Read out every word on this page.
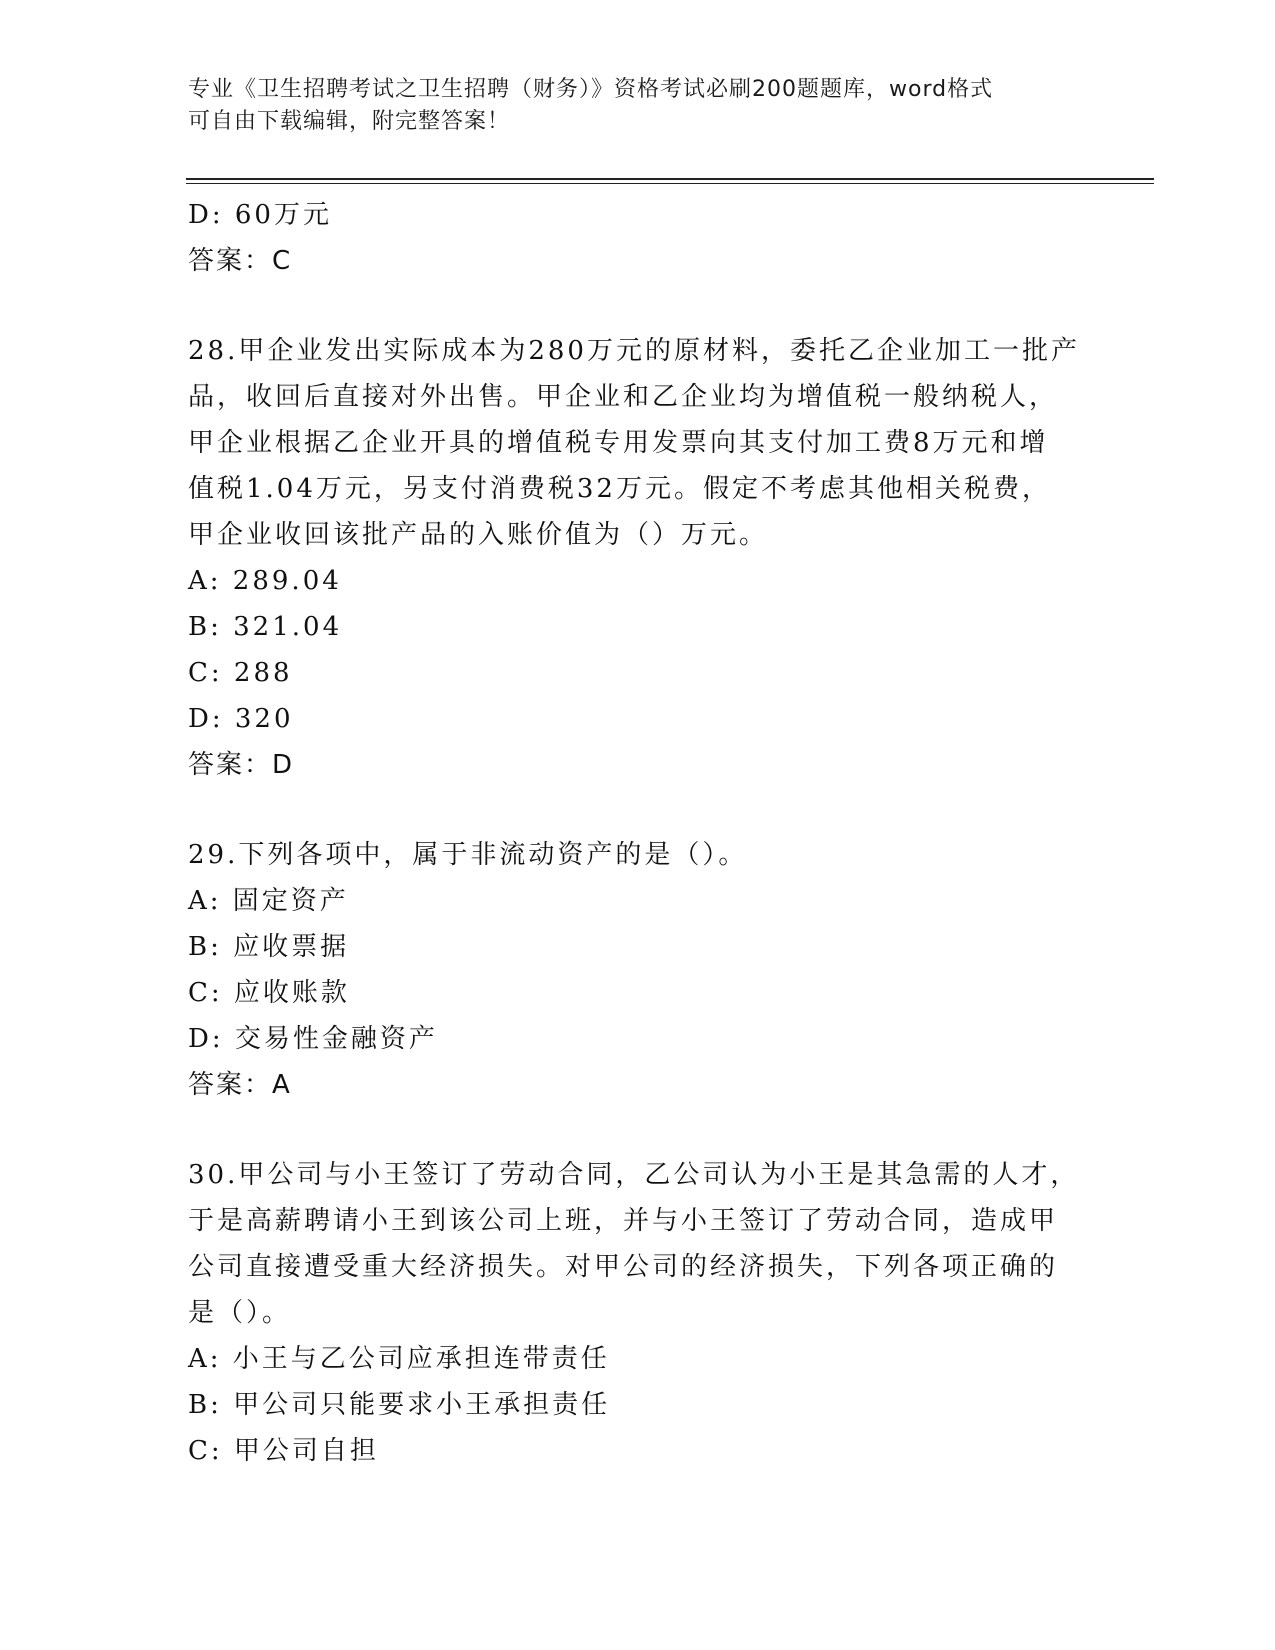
专业《卫生招聘考试之卫生招聘（财务）》资格考试必刷200题题库，word格式
可自由下载编辑，附完整答案！
D: 60万元
答案：C
28.甲企业发出实际成本为280万元的原材料，委托乙企业加工一批产
品，收回后直接对外出售。甲企业和乙企业均为增值税一般纳税人，
甲企业根据乙企业开具的增值税专用发票向其支付加工费8万元和增
值税1.04万元，另支付消费税32万元。假定不考虑其他相关税费，
甲企业收回该批产品的入账价值为（）万元。
A: 289.04
B: 321.04
C: 288
D: 320
答案：D
29.下列各项中，属于非流动资产的是（）。
A: 固定资产
B: 应收票据
C: 应收账款
D: 交易性金融资产
答案：A
30.甲公司与小王签订了劳动合同，乙公司认为小王是其急需的人才，
于是高薪聘请小王到该公司上班，并与小王签订了劳动合同，造成甲
公司直接遭受重大经济损失。对甲公司的经济损失，下列各项正确的
是（）。
A: 小王与乙公司应承担连带责任
B: 甲公司只能要求小王承担责任
C: 甲公司自担
